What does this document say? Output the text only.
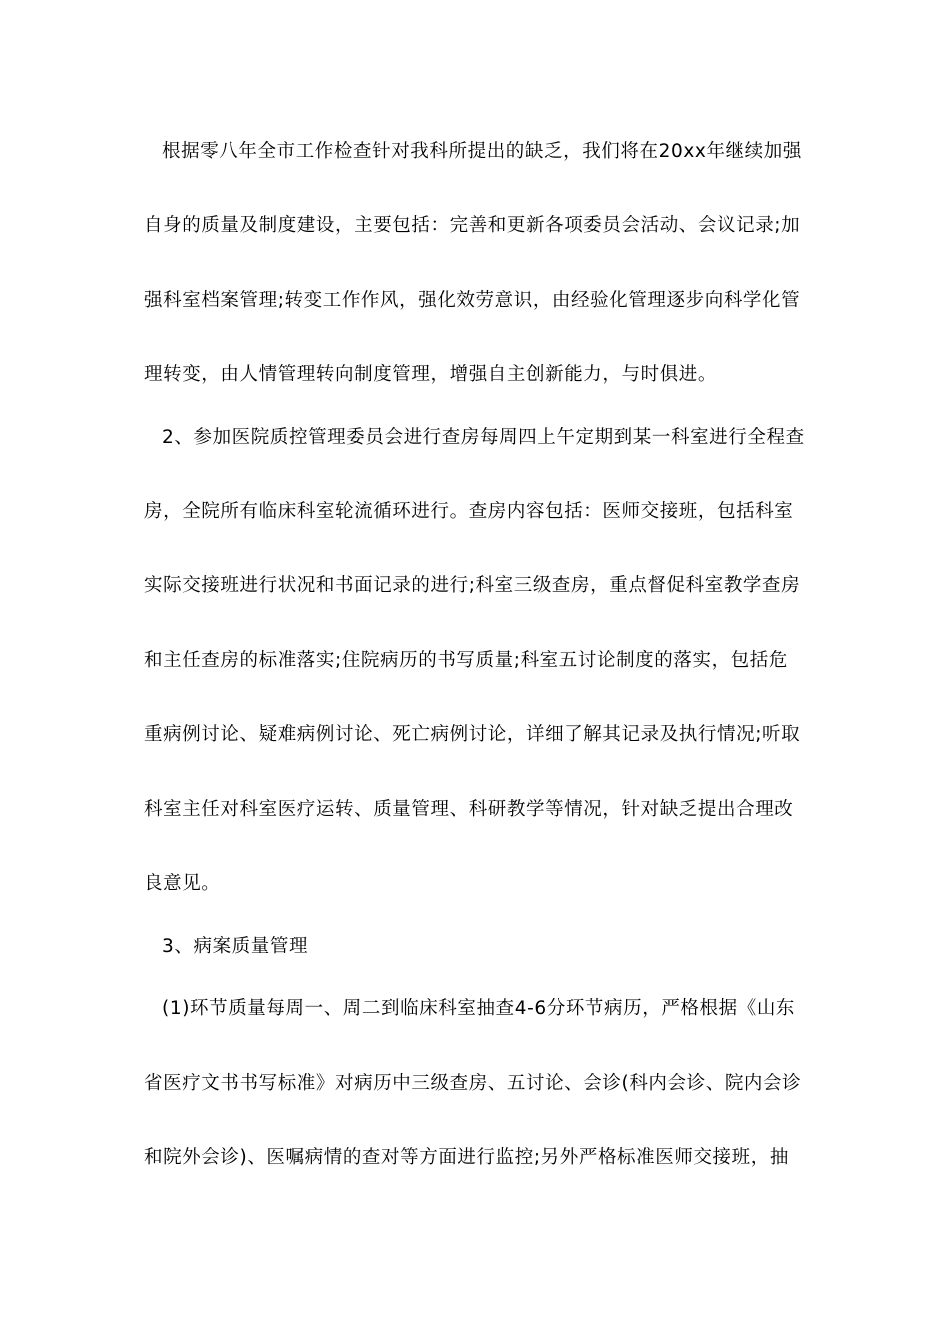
根据零八年全市工作检查针对我科所提出的缺乏，我们将在20xx年继续加强
自身的质量及制度建设，主要包括：完善和更新各项委员会活动、会议记录;加
强科室档案管理;转变工作作风，强化效劳意识，由经验化管理逐步向科学化管
理转变，由人情管理转向制度管理，增强自主创新能力，与时俱进。
2、参加医院质控管理委员会进行查房每周四上午定期到某一科室进行全程查
房，全院所有临床科室轮流循环进行。查房内容包括：医师交接班，包括科室
实际交接班进行状况和书面记录的进行;科室三级查房，重点督促科室教学查房
和主任查房的标准落实;住院病历的书写质量;科室五讨论制度的落实，包括危
重病例讨论、疑难病例讨论、死亡病例讨论，详细了解其记录及执行情况;听取
科室主任对科室医疗运转、质量管理、科研教学等情况，针对缺乏提出合理改
良意见。
3、病案质量管理
(1)环节质量每周一、周二到临床科室抽查4-6分环节病历，严格根据《山东
省医疗文书书写标准》对病历中三级查房、五讨论、会诊(科内会诊、院内会诊
和院外会诊)、医嘱病情的查对等方面进行监控;另外严格标准医师交接班，抽
